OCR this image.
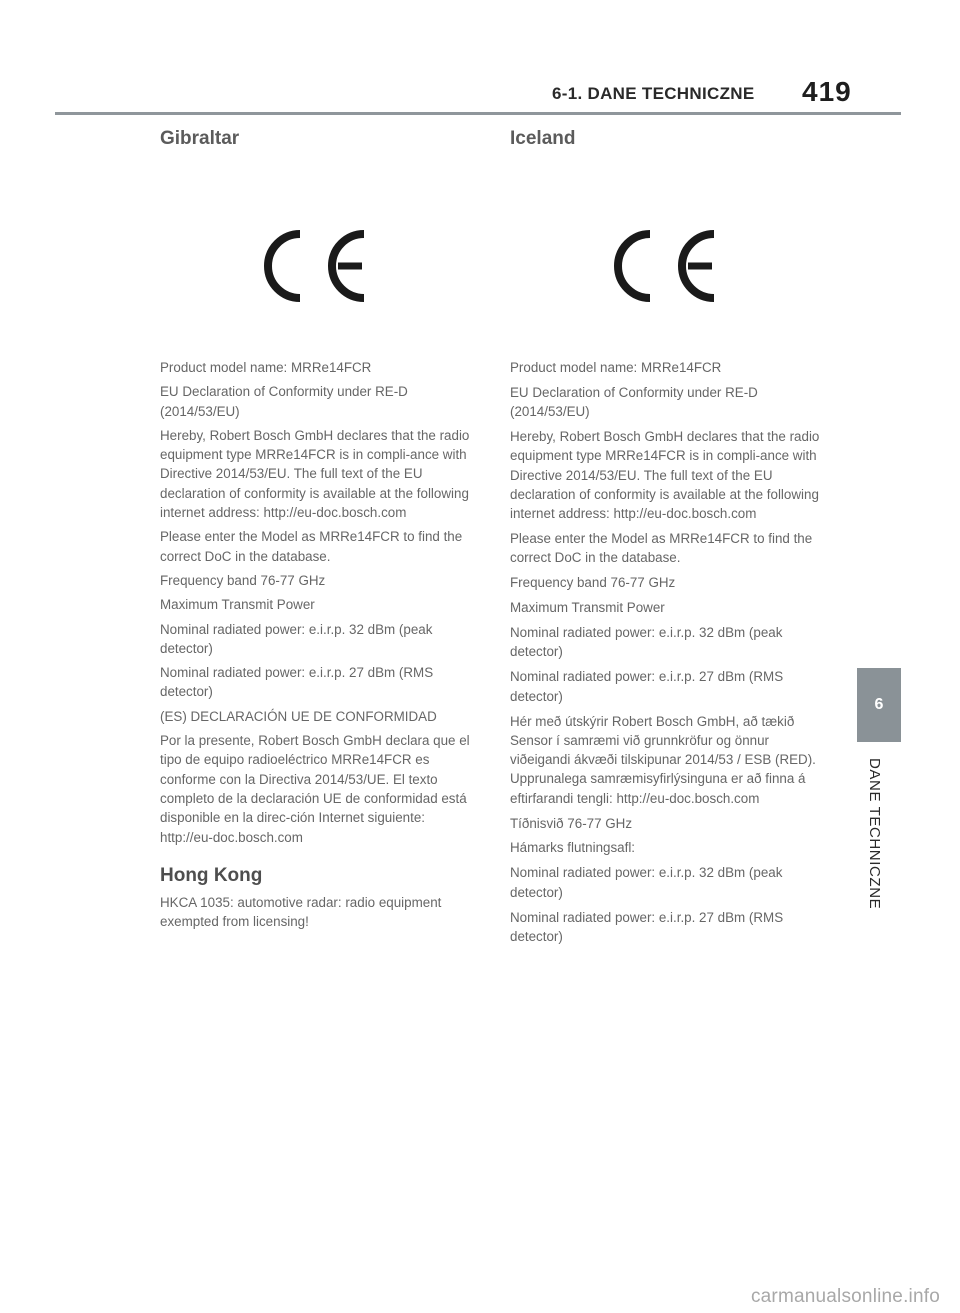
6-1. DANE TECHNICZNE 419
Gibraltar

Product model name: MRRe14FCR

EU Declaration of Conformity under RE-D (2014/53/EU)

Hereby, Robert Bosch GmbH declares that the radio equipment type MRRe14FCR is in compli-ance with Directive 2014/53/EU. The full text of the EU declaration of conformity is available at the following internet address: http://eu-doc.bosch.com

Please enter the Model as MRRe14FCR to find the correct DoC in the database.

Frequency band 76-77 GHz

Maximum Transmit Power

Nominal radiated power: e.i.r.p. 32 dBm (peak detector)

Nominal radiated power: e.i.r.p. 27 dBm (RMS detector)

(ES) DECLARACIÓN UE DE CONFORMIDAD

Por la presente, Robert Bosch GmbH declara que el tipo de equipo radioeléctrico MRRe14FCR es conforme con la Directiva 2014/53/UE. El texto completo de la declaración UE de conformidad está disponible en la direc-ción Internet siguiente: http://eu-doc.bosch.com

Hong Kong

HKCA 1035: automotive radar: radio equipment exempted from licensing!

Iceland

Product model name: MRRe14FCR

EU Declaration of Conformity under RE-D (2014/53/EU)

Hereby, Robert Bosch GmbH declares that the radio equipment type MRRe14FCR is in compli-ance with Directive 2014/53/EU. The full text of the EU declaration of conformity is available at the following internet address: http://eu-doc.bosch.com

Please enter the Model as MRRe14FCR to find the correct DoC in the database.

Frequency band 76-77 GHz

Maximum Transmit Power

Nominal radiated power: e.i.r.p. 32 dBm (peak detector)

Nominal radiated power: e.i.r.p. 27 dBm (RMS detector)

Hér með útskýrir Robert Bosch GmbH, að tækið Sensor í samræmi við grunnkröfur og önnur viðeigandi ákvæði tilskipunar 2014/53 / ESB (RED). Upprunalega samræmisyfirlýsinguna er að finna á eftirfarandi tengli: http://eu-doc.bosch.com

Tíðnisvið 76-77 GHz

Hámarks flutningsafl:

Nominal radiated power: e.i.r.p. 32 dBm (peak detector)

Nominal radiated power: e.i.r.p. 27 dBm (RMS detector)

6
DANE TECHNICZNE
carmanualsonline.info
